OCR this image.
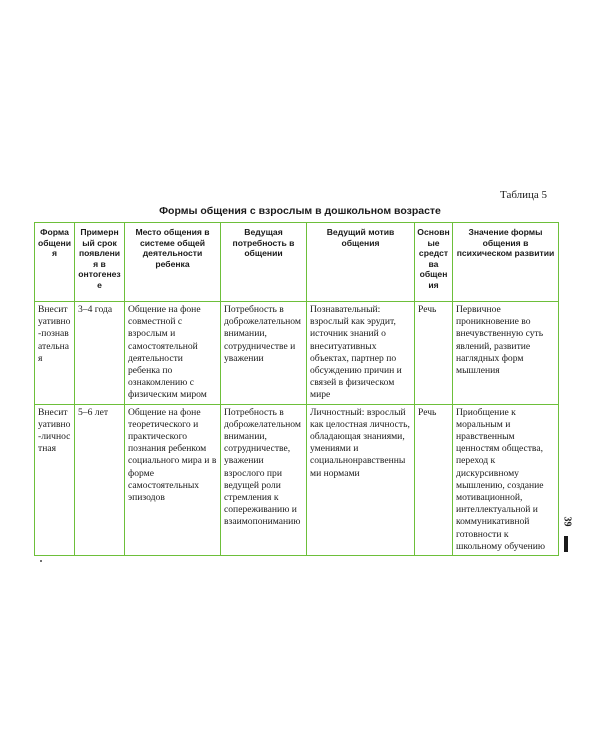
Таблица 5
Формы общения с взрослым в дошкольном возрасте
Форма общения	Примерный срок появления в онтогенезе	Место общения в системе общей деятельности ребенка	Ведущая потребность в общении	Ведущий мотив общения	Основные средства общения	Значение формы общения в психическом развитии
Внеситуативно-познавательная	3–4 года	Общение на фоне совместной с взрослым и самостоятельной деятельности ребенка по ознакомлению с физическим миром	Потребность в доброжелательном внимании, сотрудничестве и уважении	Познавательный: взрослый как эрудит, источник знаний о внеситуативных объектах, партнер по обсуждению причин и связей в физическом мире	Речь	Первичное проникновение во внечувственную суть явлений, развитие наглядных форм мышления
Внеситуативно-личностная	5–6 лет	Общение на фоне теоретического и практического познания ребенком социального мира и в форме самостоятельных эпизодов	Потребность в доброжелательном внимании, сотрудничестве, уважении взрослого при ведущей роли стремления к сопереживанию и взаимопониманию	Личностный: взрослый как целостная личность, обладающая знаниями, умениями и социальнонравственными нормами	Речь	Приобщение к моральным и нравственным ценностям общества, переход к дискурсивному мышлению, создание мотивационной, интеллектуальной и коммуникативной готовности к школьному обучению
39
